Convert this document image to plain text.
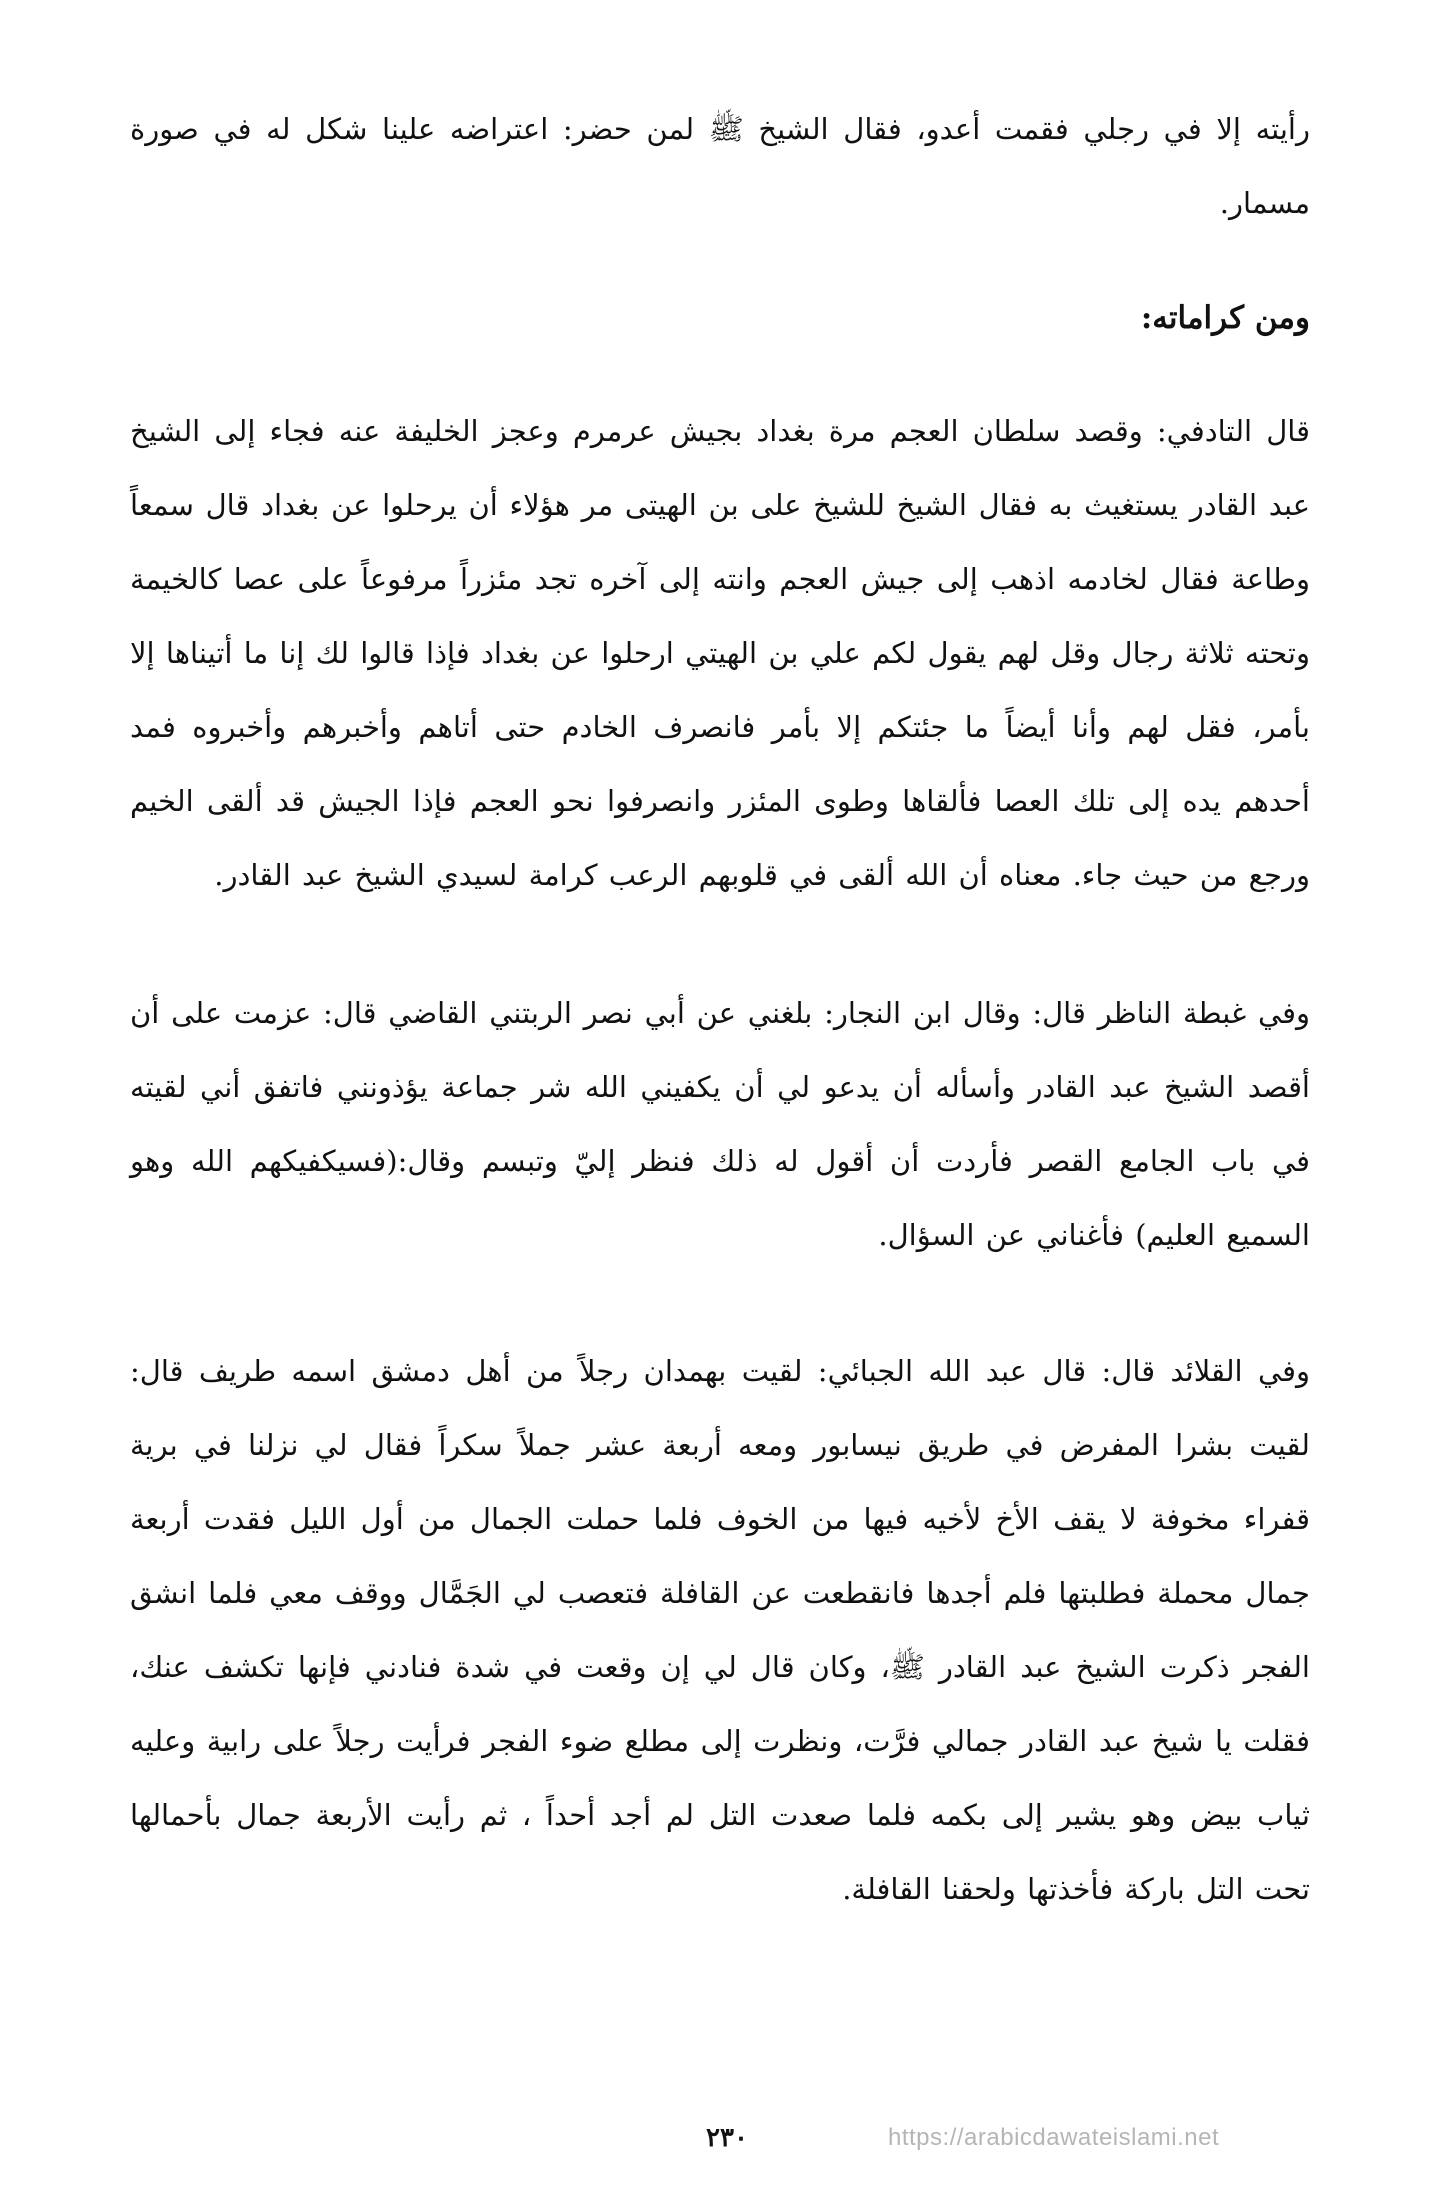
رأيته إلا في رجلي فقمت أعدو، فقال الشيخ ﷺ لمن حضر: اعتراضه علينا شكل له في صورة مسمار.

ومن كراماته:

قال التادفي: وقصد سلطان العجم مرة بغداد بجيش عرمرم وعجز الخليفة عنه فجاء إلى الشيخ عبد القادر يستغيث به فقال الشيخ للشيخ على بن الهيتى مر هؤلاء أن يرحلوا عن بغداد قال سمعاً وطاعة فقال لخادمه اذهب إلى جيش العجم وانته إلى آخره تجد مئزراً مرفوعاً على عصا كالخيمة وتحته ثلاثة رجال وقل لهم يقول لكم علي بن الهيتي ارحلوا عن بغداد فإذا قالوا لك إنا ما أتيناها إلا بأمر، فقل لهم وأنا أيضاً ما جئتكم إلا بأمر فانصرف الخادم حتى أتاهم وأخبرهم وأخبروه فمد أحدهم يده إلى تلك العصا فألقاها وطوى المئزر وانصرفوا نحو العجم فإذا الجيش قد ألقى الخيم ورجع من حيث جاء. معناه أن الله ألقى في قلوبهم الرعب كرامة لسيدي الشيخ عبد القادر.

وفي غبطة الناظر قال: وقال ابن النجار: بلغني عن أبي نصر الربتني القاضي قال: عزمت على أن أقصد الشيخ عبد القادر وأسأله أن يدعو لي أن يكفيني الله شر جماعة يؤذونني فاتفق أني لقيته في باب الجامع القصر فأردت أن أقول له ذلك فنظر إليّ وتبسم وقال:(فسيكفيكهم الله وهو السميع العليم) فأغناني عن السؤال.

وفي القلائد قال: قال عبد الله الجبائي: لقيت بهمدان رجلاً من أهل دمشق اسمه طريف قال: لقيت بشرا المفرض في طريق نيسابور ومعه أربعة عشر جملاً سكراً فقال لي نزلنا في برية قفراء مخوفة لا يقف الأخ لأخيه فيها من الخوف فلما حملت الجمال من أول الليل فقدت أربعة جمال محملة فطلبتها فلم أجدها فانقطعت عن القافلة فتعصب لي الجَمَّال ووقف معي فلما انشق الفجر ذكرت الشيخ عبد القادر ﷺ، وكان قال لي إن وقعت في شدة فنادني فإنها تكشف عنك، فقلت يا شيخ عبد القادر جمالي فرَّت، ونظرت إلى مطلع ضوء الفجر فرأيت رجلاً على رابية وعليه ثياب بيض وهو يشير إلى بكمه فلما صعدت التل لم أجد أحداً ، ثم رأيت الأربعة جمال بأحمالها تحت التل باركة فأخذتها ولحقنا القافلة.

٢٣٠	https://arabicdawateislami.net
